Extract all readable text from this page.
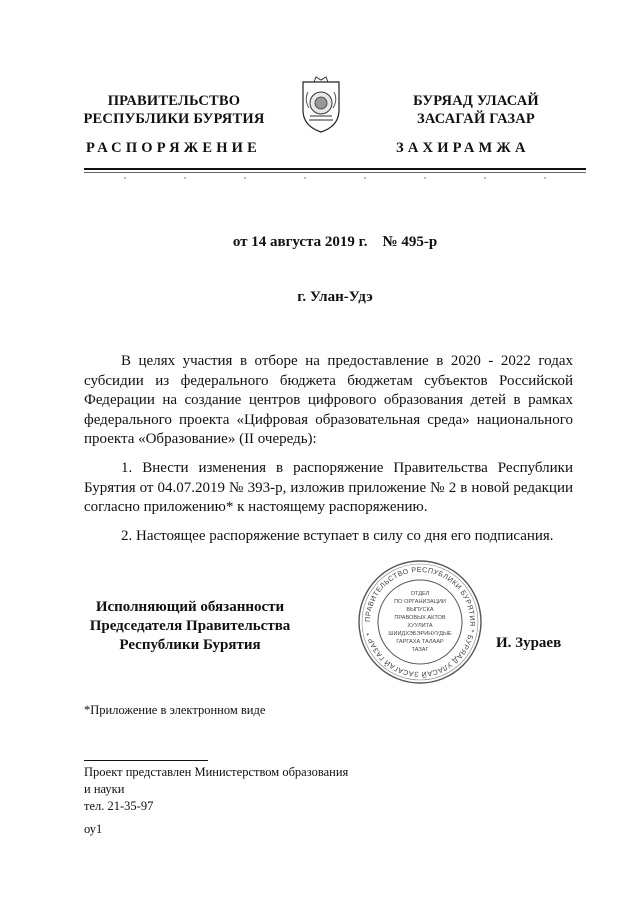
ПРАВИТЕЛЬСТВО
РЕСПУБЛИКИ БУРЯТИЯ
БУРЯАД УЛАСАЙ
ЗАСАГАЙ ГАЗАР
РАСПОРЯЖЕНИЕ	ЗАХИРАМЖА
от 14 августа 2019 г.    № 495-р
г. Улан-Удэ
В целях участия в отборе на предоставление в 2020 - 2022 годах субсидии из федерального бюджета бюджетам субъектов Российской Федерации на создание центров цифрового образования детей в рамках федерального проекта «Цифровая образовательная среда» национального проекта «Образование» (II очередь):
1. Внести изменения в распоряжение Правительства Республики Бурятия от 04.07.2019 № 393-р, изложив приложение № 2 в новой редакции согласно приложению* к настоящему распоряжению.
2. Настоящее распоряжение вступает в силу со дня его подписания.
Исполняющий обязанности
Председателя Правительства
Республики Бурятия	И. Зураев
ПРАВИТЕЛЬСТВО РЕСПУБЛИКИ БУРЯТИЯ * БУРЯАД УЛАСАЙ ЗАСАГАЙ ГАЗАР *
ОТДЕЛ
ПО ОРГАНИЗАЦИИ
ВЫПУСКА
ПРАВОВЫХ АКТОВ
ХУУЛИТА
ШИИДХЭБЭРИНУУДЫЕ
ГАРГАХА ТАЛААР
ТАЗАГ
*Приложение в электронном виде
Проект представлен Министерством образования
и науки
тел. 21-35-97
оу1
